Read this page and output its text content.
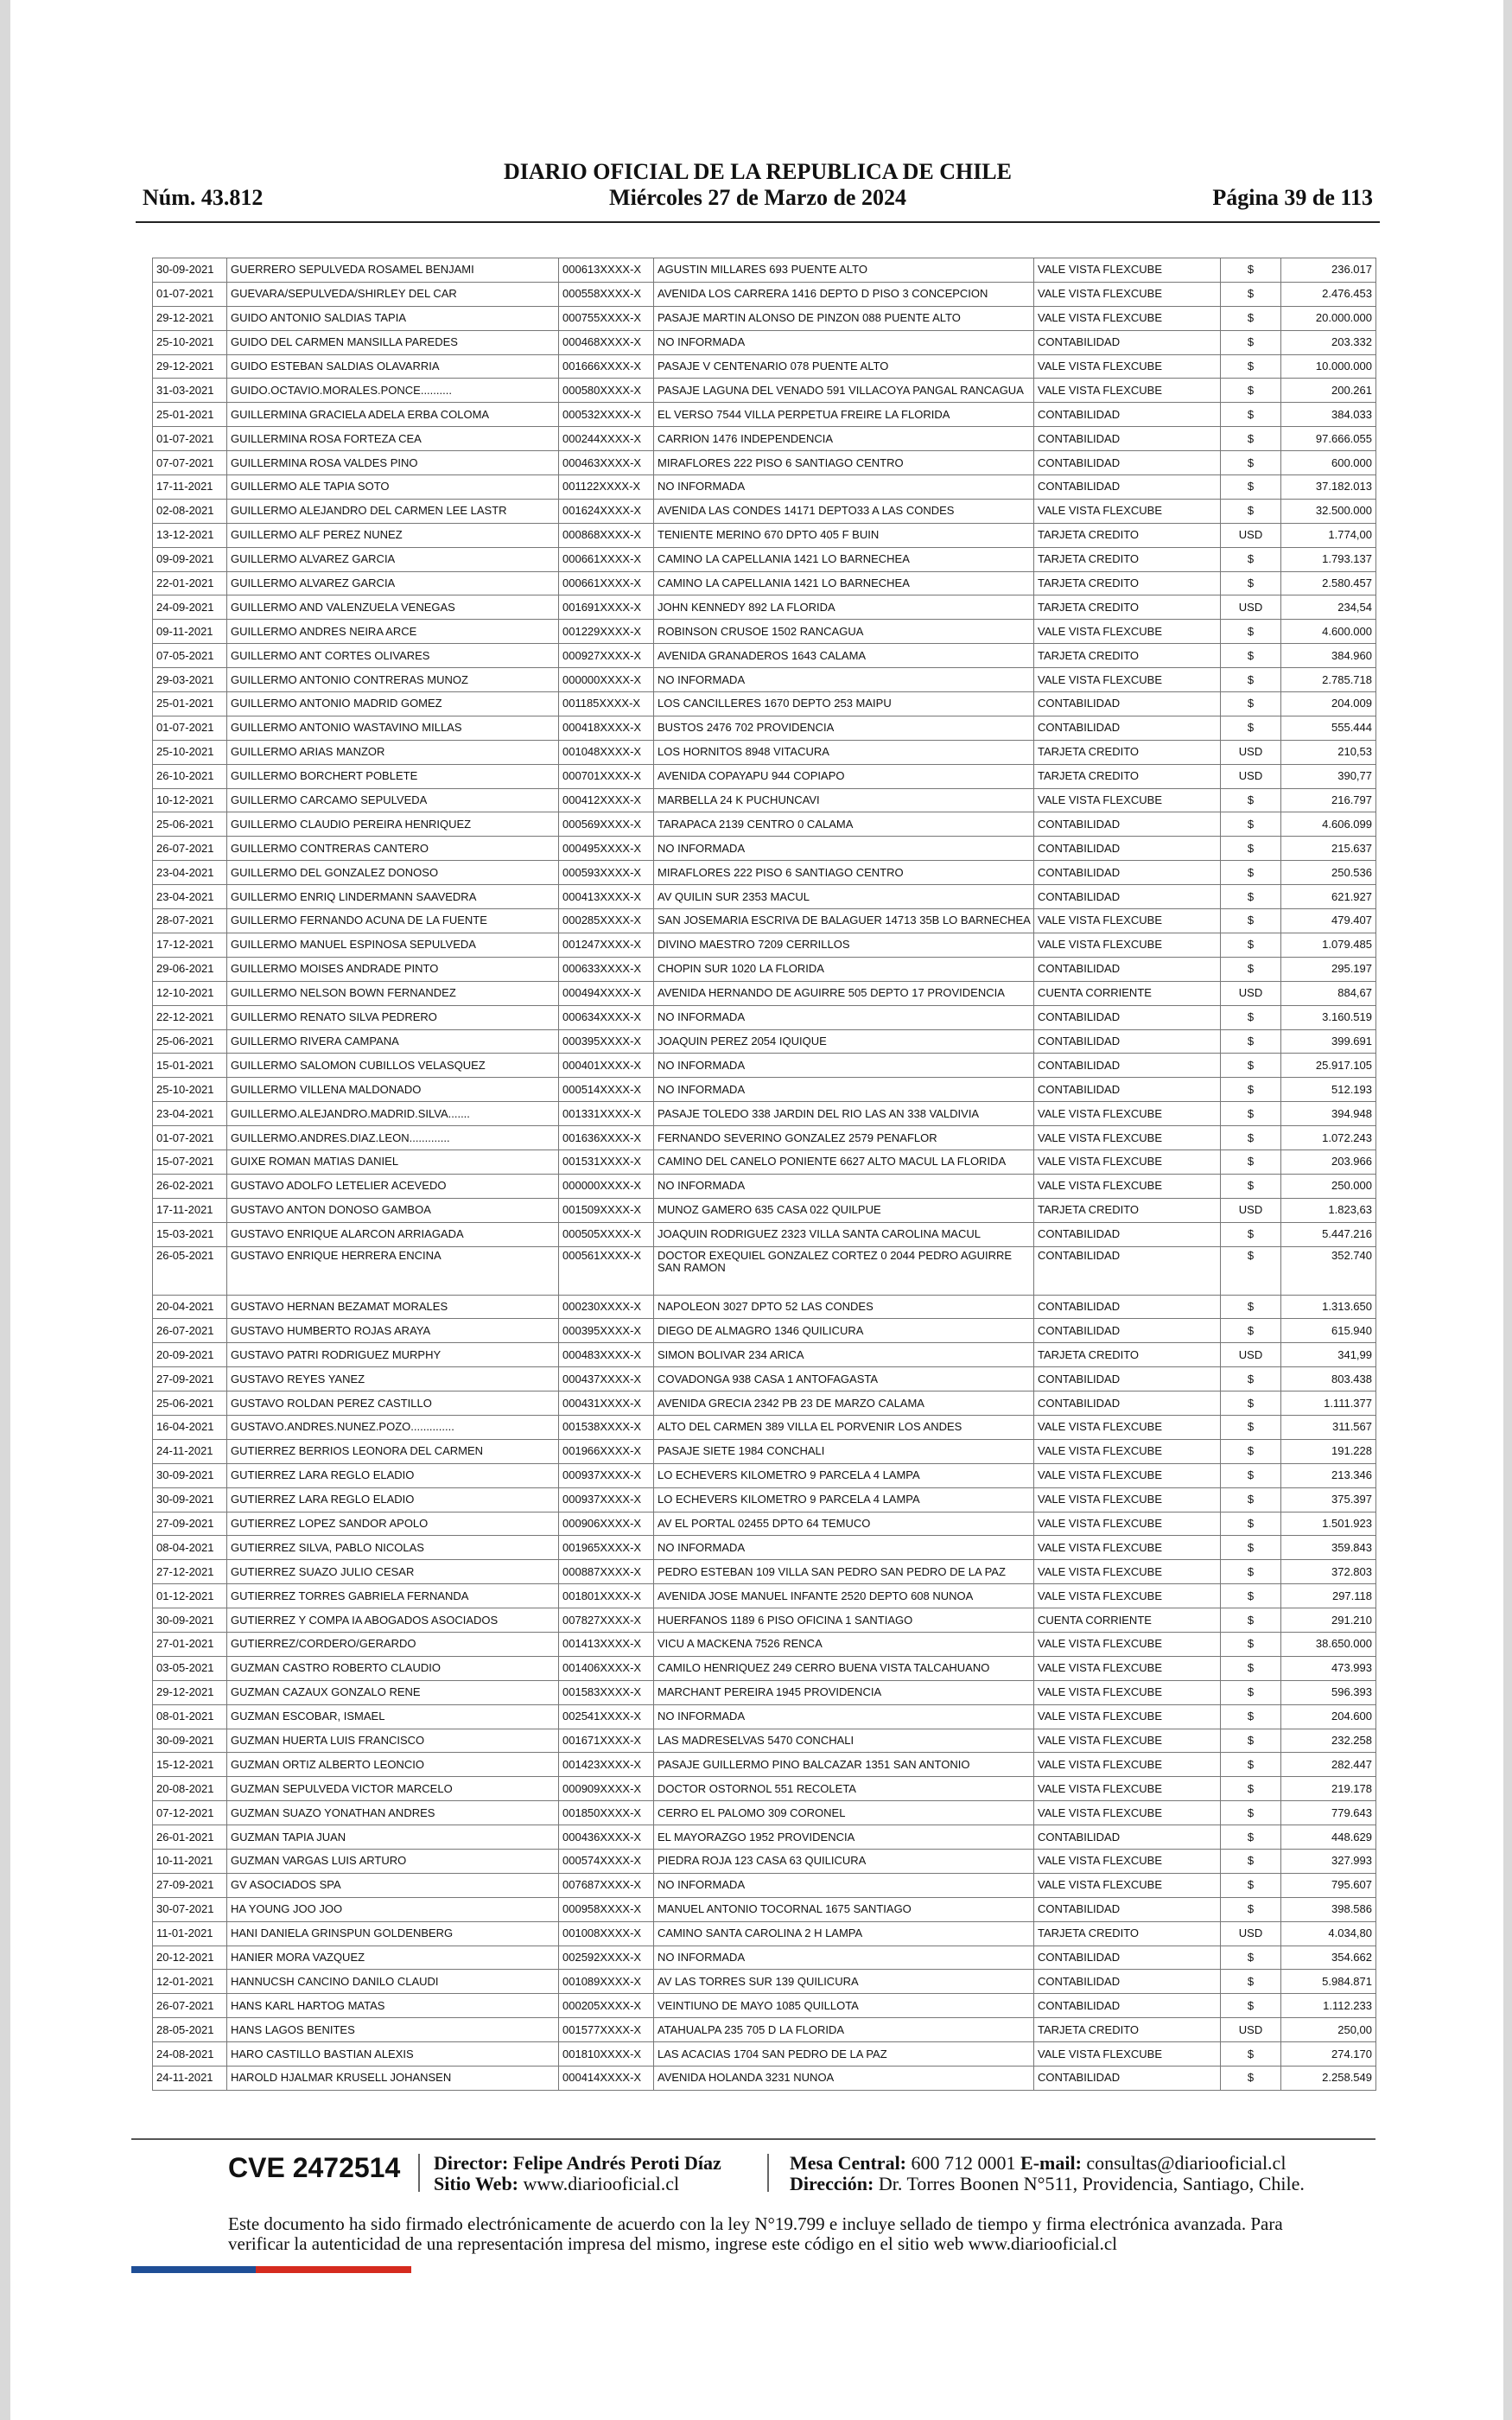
DIARIO OFICIAL DE LA REPUBLICA DE CHILE
Núm. 43.812	Miércoles 27 de Marzo de 2024	Página 39 de 113
30-09-2021	GUERRERO SEPULVEDA ROSAMEL BENJAMI	000613XXXX-X	AGUSTIN MILLARES 693 PUENTE ALTO	VALE VISTA FLEXCUBE	$	236.017
01-07-2021	GUEVARA/SEPULVEDA/SHIRLEY DEL CAR	000558XXXX-X	AVENIDA LOS CARRERA 1416 DEPTO D PISO 3 CONCEPCION	VALE VISTA FLEXCUBE	$	2.476.453
29-12-2021	GUIDO ANTONIO SALDIAS TAPIA	000755XXXX-X	PASAJE MARTIN ALONSO DE PINZON 088 PUENTE ALTO	VALE VISTA FLEXCUBE	$	20.000.000
25-10-2021	GUIDO DEL CARMEN MANSILLA PAREDES	000468XXXX-X	NO INFORMADA	CONTABILIDAD	$	203.332
29-12-2021	GUIDO ESTEBAN SALDIAS OLAVARRIA	001666XXXX-X	PASAJE V CENTENARIO 078 PUENTE ALTO	VALE VISTA FLEXCUBE	$	10.000.000
31-03-2021	GUIDO.OCTAVIO.MORALES.PONCE..........	000580XXXX-X	PASAJE LAGUNA DEL VENADO 591 VILLACOYA PANGAL RANCAGUA	VALE VISTA FLEXCUBE	$	200.261
25-01-2021	GUILLERMINA GRACIELA ADELA ERBA COLOMA	000532XXXX-X	EL VERSO 7544 VILLA PERPETUA FREIRE LA FLORIDA	CONTABILIDAD	$	384.033
01-07-2021	GUILLERMINA ROSA FORTEZA CEA	000244XXXX-X	CARRION 1476 INDEPENDENCIA	CONTABILIDAD	$	97.666.055
07-07-2021	GUILLERMINA ROSA VALDES PINO	000463XXXX-X	MIRAFLORES 222 PISO 6 SANTIAGO CENTRO	CONTABILIDAD	$	600.000
17-11-2021	GUILLERMO ALE TAPIA SOTO	001122XXXX-X	NO INFORMADA	CONTABILIDAD	$	37.182.013
02-08-2021	GUILLERMO ALEJANDRO DEL CARMEN LEE LASTR	001624XXXX-X	AVENIDA LAS CONDES 14171 DEPTO33 A LAS CONDES	VALE VISTA FLEXCUBE	$	32.500.000
13-12-2021	GUILLERMO ALF PEREZ NUNEZ	000868XXXX-X	TENIENTE MERINO 670 DPTO 405 F BUIN	TARJETA CREDITO	USD	1.774,00
09-09-2021	GUILLERMO ALVAREZ GARCIA	000661XXXX-X	CAMINO LA CAPELLANIA 1421 LO BARNECHEA	TARJETA CREDITO	$	1.793.137
22-01-2021	GUILLERMO ALVAREZ GARCIA	000661XXXX-X	CAMINO LA CAPELLANIA 1421 LO BARNECHEA	TARJETA CREDITO	$	2.580.457
24-09-2021	GUILLERMO AND VALENZUELA VENEGAS	001691XXXX-X	JOHN KENNEDY 892 LA FLORIDA	TARJETA CREDITO	USD	234,54
09-11-2021	GUILLERMO ANDRES NEIRA ARCE	001229XXXX-X	ROBINSON CRUSOE 1502 RANCAGUA	VALE VISTA FLEXCUBE	$	4.600.000
07-05-2021	GUILLERMO ANT CORTES OLIVARES	000927XXXX-X	AVENIDA GRANADEROS 1643 CALAMA	TARJETA CREDITO	$	384.960
29-03-2021	GUILLERMO ANTONIO CONTRERAS MUNOZ	000000XXXX-X	NO INFORMADA	VALE VISTA FLEXCUBE	$	2.785.718
25-01-2021	GUILLERMO ANTONIO MADRID GOMEZ	001185XXXX-X	LOS CANCILLERES 1670 DEPTO 253 MAIPU	CONTABILIDAD	$	204.009
01-07-2021	GUILLERMO ANTONIO WASTAVINO MILLAS	000418XXXX-X	BUSTOS 2476 702 PROVIDENCIA	CONTABILIDAD	$	555.444
25-10-2021	GUILLERMO ARIAS MANZOR	001048XXXX-X	LOS HORNITOS 8948 VITACURA	TARJETA CREDITO	USD	210,53
26-10-2021	GUILLERMO BORCHERT POBLETE	000701XXXX-X	AVENIDA COPAYAPU 944 COPIAPO	TARJETA CREDITO	USD	390,77
10-12-2021	GUILLERMO CARCAMO SEPULVEDA	000412XXXX-X	MARBELLA 24 K PUCHUNCAVI	VALE VISTA FLEXCUBE	$	216.797
25-06-2021	GUILLERMO CLAUDIO PEREIRA HENRIQUEZ	000569XXXX-X	TARAPACA 2139 CENTRO 0 CALAMA	CONTABILIDAD	$	4.606.099
26-07-2021	GUILLERMO CONTRERAS CANTERO	000495XXXX-X	NO INFORMADA	CONTABILIDAD	$	215.637
23-04-2021	GUILLERMO DEL GONZALEZ DONOSO	000593XXXX-X	MIRAFLORES 222 PISO 6 SANTIAGO CENTRO	CONTABILIDAD	$	250.536
23-04-2021	GUILLERMO ENRIQ LINDERMANN SAAVEDRA	000413XXXX-X	AV QUILIN SUR 2353 MACUL	CONTABILIDAD	$	621.927
28-07-2021	GUILLERMO FERNANDO ACUNA DE LA FUENTE	000285XXXX-X	SAN JOSEMARIA ESCRIVA DE BALAGUER 14713 35B LO BARNECHEA	VALE VISTA FLEXCUBE	$	479.407
17-12-2021	GUILLERMO MANUEL ESPINOSA SEPULVEDA	001247XXXX-X	DIVINO MAESTRO 7209 CERRILLOS	VALE VISTA FLEXCUBE	$	1.079.485
29-06-2021	GUILLERMO MOISES ANDRADE PINTO	000633XXXX-X	CHOPIN SUR 1020 LA FLORIDA	CONTABILIDAD	$	295.197
12-10-2021	GUILLERMO NELSON BOWN FERNANDEZ	000494XXXX-X	AVENIDA HERNANDO DE AGUIRRE 505 DEPTO 17 PROVIDENCIA	CUENTA CORRIENTE	USD	884,67
22-12-2021	GUILLERMO RENATO SILVA PEDRERO	000634XXXX-X	NO INFORMADA	CONTABILIDAD	$	3.160.519
25-06-2021	GUILLERMO RIVERA CAMPANA	000395XXXX-X	JOAQUIN PEREZ 2054 IQUIQUE	CONTABILIDAD	$	399.691
15-01-2021	GUILLERMO SALOMON CUBILLOS VELASQUEZ	000401XXXX-X	NO INFORMADA	CONTABILIDAD	$	25.917.105
25-10-2021	GUILLERMO VILLENA MALDONADO	000514XXXX-X	NO INFORMADA	CONTABILIDAD	$	512.193
23-04-2021	GUILLERMO.ALEJANDRO.MADRID.SILVA.......	001331XXXX-X	PASAJE TOLEDO 338 JARDIN DEL RIO LAS AN 338 VALDIVIA	VALE VISTA FLEXCUBE	$	394.948
01-07-2021	GUILLERMO.ANDRES.DIAZ.LEON.............	001636XXXX-X	FERNANDO SEVERINO GONZALEZ 2579 PENAFLOR	VALE VISTA FLEXCUBE	$	1.072.243
15-07-2021	GUIXE ROMAN MATIAS DANIEL	001531XXXX-X	CAMINO DEL CANELO PONIENTE 6627 ALTO MACUL LA FLORIDA	VALE VISTA FLEXCUBE	$	203.966
26-02-2021	GUSTAVO ADOLFO LETELIER ACEVEDO	000000XXXX-X	NO INFORMADA	VALE VISTA FLEXCUBE	$	250.000
17-11-2021	GUSTAVO ANTON DONOSO GAMBOA	001509XXXX-X	MUNOZ GAMERO 635 CASA 022 QUILPUE	TARJETA CREDITO	USD	1.823,63
15-03-2021	GUSTAVO ENRIQUE ALARCON ARRIAGADA	000505XXXX-X	JOAQUIN RODRIGUEZ 2323 VILLA SANTA CAROLINA MACUL	CONTABILIDAD	$	5.447.216
26-05-2021	GUSTAVO ENRIQUE HERRERA ENCINA	000561XXXX-X	DOCTOR EXEQUIEL GONZALEZ CORTEZ 0 2044 PEDRO AGUIRRE SAN RAMON	CONTABILIDAD	$	352.740
20-04-2021	GUSTAVO HERNAN BEZAMAT MORALES	000230XXXX-X	NAPOLEON 3027 DPTO 52 LAS CONDES	CONTABILIDAD	$	1.313.650
26-07-2021	GUSTAVO HUMBERTO ROJAS ARAYA	000395XXXX-X	DIEGO DE ALMAGRO 1346 QUILICURA	CONTABILIDAD	$	615.940
20-09-2021	GUSTAVO PATRI RODRIGUEZ MURPHY	000483XXXX-X	SIMON BOLIVAR 234 ARICA	TARJETA CREDITO	USD	341,99
27-09-2021	GUSTAVO REYES YANEZ	000437XXXX-X	COVADONGA 938 CASA 1 ANTOFAGASTA	CONTABILIDAD	$	803.438
25-06-2021	GUSTAVO ROLDAN PEREZ CASTILLO	000431XXXX-X	AVENIDA GRECIA 2342 PB 23 DE MARZO CALAMA	CONTABILIDAD	$	1.111.377
16-04-2021	GUSTAVO.ANDRES.NUNEZ.POZO..............	001538XXXX-X	ALTO DEL CARMEN 389 VILLA EL PORVENIR LOS ANDES	VALE VISTA FLEXCUBE	$	311.567
24-11-2021	GUTIERREZ BERRIOS LEONORA DEL CARMEN	001966XXXX-X	PASAJE SIETE 1984 CONCHALI	VALE VISTA FLEXCUBE	$	191.228
30-09-2021	GUTIERREZ LARA REGLO ELADIO	000937XXXX-X	LO ECHEVERS KILOMETRO 9 PARCELA 4 LAMPA	VALE VISTA FLEXCUBE	$	213.346
30-09-2021	GUTIERREZ LARA REGLO ELADIO	000937XXXX-X	LO ECHEVERS KILOMETRO 9 PARCELA 4 LAMPA	VALE VISTA FLEXCUBE	$	375.397
27-09-2021	GUTIERREZ LOPEZ SANDOR APOLO	000906XXXX-X	AV EL PORTAL 02455 DPTO 64 TEMUCO	VALE VISTA FLEXCUBE	$	1.501.923
08-04-2021	GUTIERREZ SILVA, PABLO NICOLAS	001965XXXX-X	NO INFORMADA	VALE VISTA FLEXCUBE	$	359.843
27-12-2021	GUTIERREZ SUAZO JULIO CESAR	000887XXXX-X	PEDRO ESTEBAN 109 VILLA SAN PEDRO SAN PEDRO DE LA PAZ	VALE VISTA FLEXCUBE	$	372.803
01-12-2021	GUTIERREZ TORRES GABRIELA FERNANDA	001801XXXX-X	AVENIDA JOSE MANUEL INFANTE 2520 DEPTO 608 NUNOA	VALE VISTA FLEXCUBE	$	297.118
30-09-2021	GUTIERREZ Y COMPA IA ABOGADOS ASOCIADOS	007827XXXX-X	HUERFANOS 1189 6 PISO OFICINA 1 SANTIAGO	CUENTA CORRIENTE	$	291.210
27-01-2021	GUTIERREZ/CORDERO/GERARDO	001413XXXX-X	VICU A MACKENA 7526 RENCA	VALE VISTA FLEXCUBE	$	38.650.000
03-05-2021	GUZMAN CASTRO ROBERTO CLAUDIO	001406XXXX-X	CAMILO HENRIQUEZ 249 CERRO BUENA VISTA TALCAHUANO	VALE VISTA FLEXCUBE	$	473.993
29-12-2021	GUZMAN CAZAUX GONZALO RENE	001583XXXX-X	MARCHANT PEREIRA 1945 PROVIDENCIA	VALE VISTA FLEXCUBE	$	596.393
08-01-2021	GUZMAN ESCOBAR, ISMAEL	002541XXXX-X	NO INFORMADA	VALE VISTA FLEXCUBE	$	204.600
30-09-2021	GUZMAN HUERTA LUIS FRANCISCO	001671XXXX-X	LAS MADRESELVAS 5470 CONCHALI	VALE VISTA FLEXCUBE	$	232.258
15-12-2021	GUZMAN ORTIZ ALBERTO LEONCIO	001423XXXX-X	PASAJE GUILLERMO PINO BALCAZAR 1351 SAN ANTONIO	VALE VISTA FLEXCUBE	$	282.447
20-08-2021	GUZMAN SEPULVEDA VICTOR MARCELO	000909XXXX-X	DOCTOR OSTORNOL 551 RECOLETA	VALE VISTA FLEXCUBE	$	219.178
07-12-2021	GUZMAN SUAZO YONATHAN ANDRES	001850XXXX-X	CERRO EL PALOMO 309 CORONEL	VALE VISTA FLEXCUBE	$	779.643
26-01-2021	GUZMAN TAPIA JUAN	000436XXXX-X	EL MAYORAZGO 1952 PROVIDENCIA	CONTABILIDAD	$	448.629
10-11-2021	GUZMAN VARGAS LUIS ARTURO	000574XXXX-X	PIEDRA ROJA 123 CASA 63 QUILICURA	VALE VISTA FLEXCUBE	$	327.993
27-09-2021	GV ASOCIADOS SPA	007687XXXX-X	NO INFORMADA	VALE VISTA FLEXCUBE	$	795.607
30-07-2021	HA YOUNG JOO JOO	000958XXXX-X	MANUEL ANTONIO TOCORNAL 1675 SANTIAGO	CONTABILIDAD	$	398.586
11-01-2021	HANI DANIELA GRINSPUN GOLDENBERG	001008XXXX-X	CAMINO SANTA CAROLINA 2 H LAMPA	TARJETA CREDITO	USD	4.034,80
20-12-2021	HANIER MORA VAZQUEZ	002592XXXX-X	NO INFORMADA	CONTABILIDAD	$	354.662
12-01-2021	HANNUCSH CANCINO DANILO CLAUDI	001089XXXX-X	AV LAS TORRES SUR 139 QUILICURA	CONTABILIDAD	$	5.984.871
26-07-2021	HANS KARL HARTOG MATAS	000205XXXX-X	VEINTIUNO DE MAYO 1085 QUILLOTA	CONTABILIDAD	$	1.112.233
28-05-2021	HANS LAGOS BENITES	001577XXXX-X	ATAHUALPA 235 705 D LA FLORIDA	TARJETA CREDITO	USD	250,00
24-08-2021	HARO CASTILLO BASTIAN ALEXIS	001810XXXX-X	LAS ACACIAS 1704 SAN PEDRO DE LA PAZ	VALE VISTA FLEXCUBE	$	274.170
24-11-2021	HAROLD HJALMAR KRUSELL JOHANSEN	000414XXXX-X	AVENIDA HOLANDA 3231 NUNOA	CONTABILIDAD	$	2.258.549
CVE 2472514 Director: Felipe Andrés Peroti Díaz
Sitio Web: www.diariooficial.cl
Mesa Central: 600 712 0001 E-mail: consultas@diariooficial.cl
Dirección: Dr. Torres Boonen N°511, Providencia, Santiago, Chile.
Este documento ha sido firmado electrónicamente de acuerdo con la ley N°19.799 e incluye sellado de tiempo y firma electrónica avanzada. Para verificar la autenticidad de una representación impresa del mismo, ingrese este código en el sitio web www.diariooficial.cl
